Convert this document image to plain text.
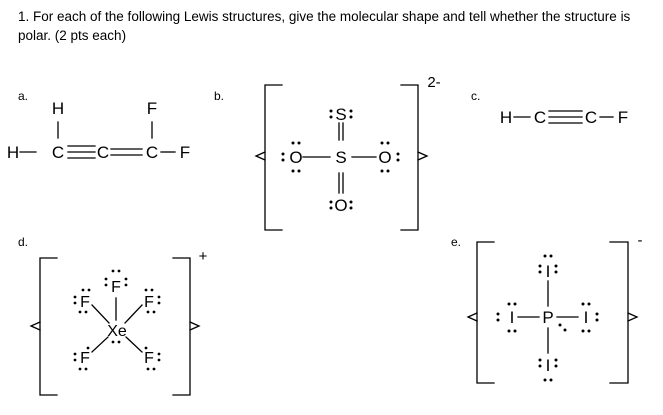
1. For each of the following Lewis structures, give the molecular shape and tell whether the structure is polar. (2 pts each)
a.	b.	c.
d.	e.
H	F
H C C C F
S
O S O
O
2-
H C C F
F
F	F
Xe
F	F
+
I
I P I
I
-
